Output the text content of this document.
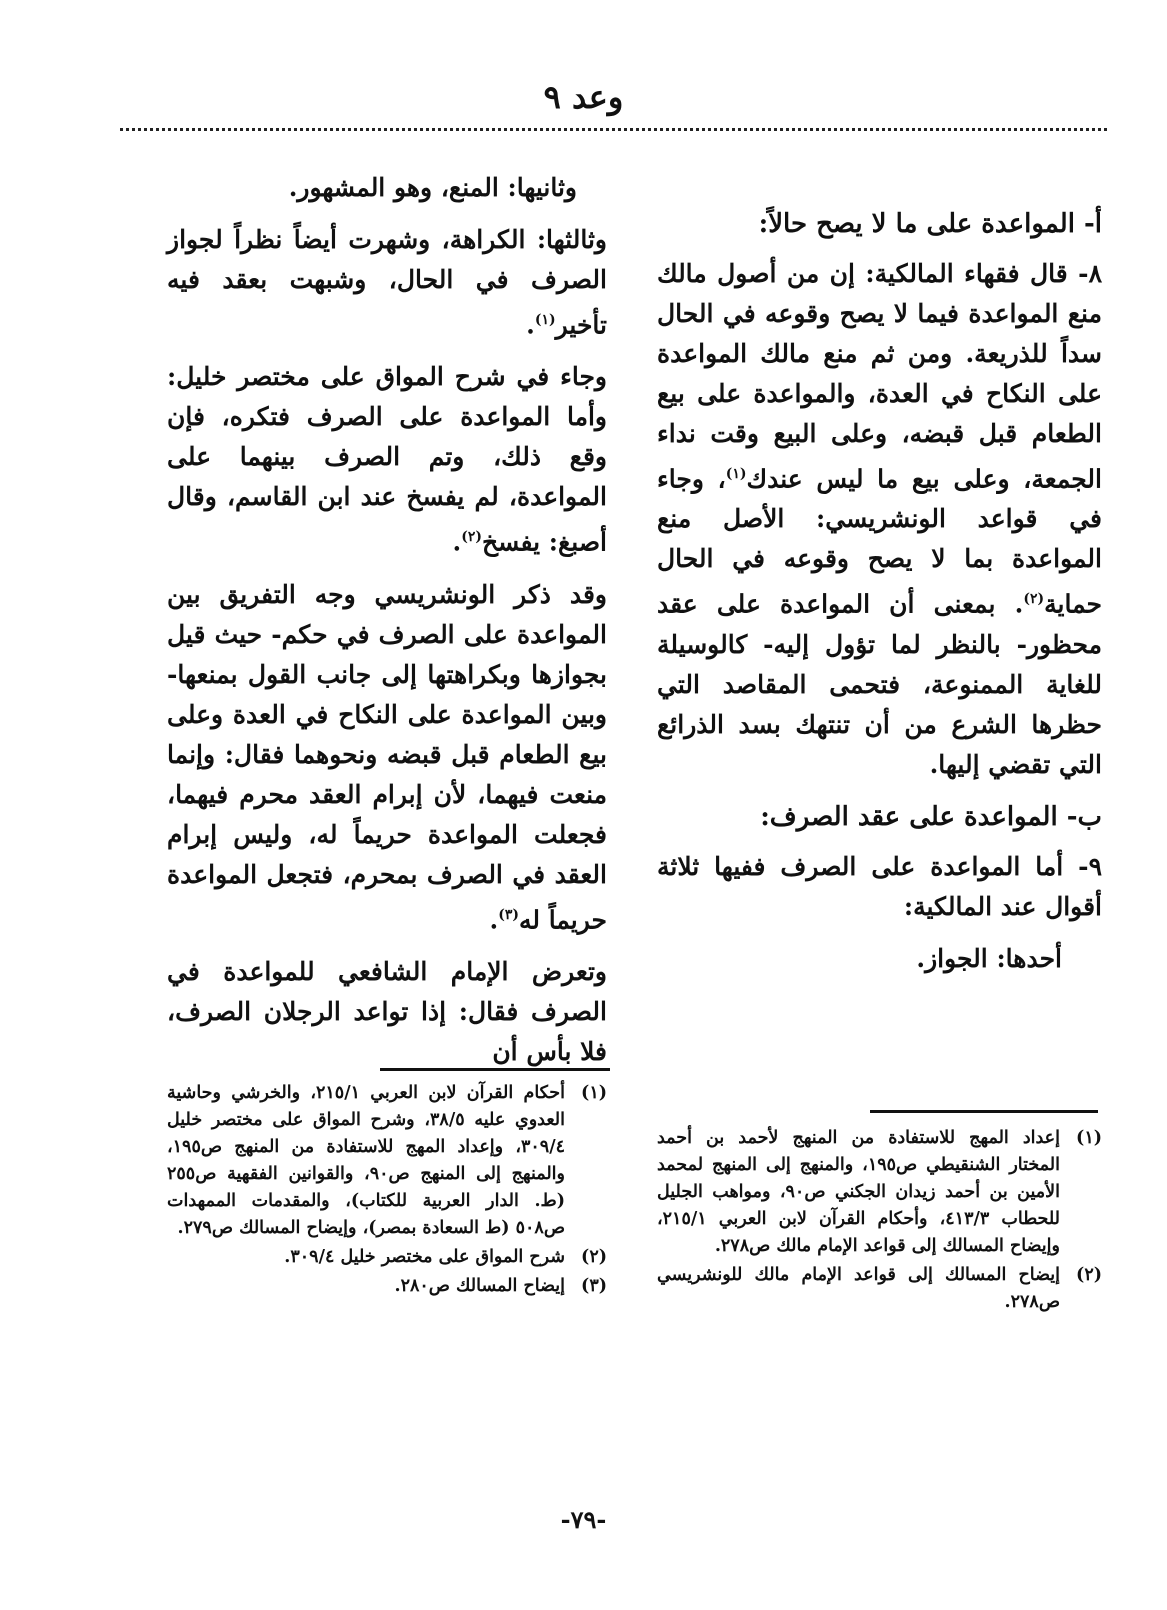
وعد ٩
أ- المواعدة على ما لا يصح حالاً:

٨- قال فقهاء المالكية: إن من أصول مالك منع المواعدة فيما لا يصح وقوعه في الحال سداً للذريعة. ومن ثم منع مالك المواعدة على النكاح في العدة، والمواعدة على بيع الطعام قبل قبضه، وعلى البيع وقت نداء الجمعة، وعلى بيع ما ليس عندك$^{(١)}$، وجاء في قواعد الونشريسي: الأصل منع المواعدة بما لا يصح وقوعه في الحال حماية$^{(٢)}$. بمعنى أن المواعدة على عقد محظور- بالنظر لما تؤول إليه- كالوسيلة للغاية الممنوعة، فتحمى المقاصد التي حظرها الشرع من أن تنتهك بسد الذرائع التي تقضي إليها.

ب- المواعدة على عقد الصرف:

٩- أما المواعدة على الصرف ففيها ثلاثة أقوال عند المالكية:

أحدها: الجواز.

وثانيها: المنع، وهو المشهور.

وثالثها: الكراهة، وشهرت أيضاً نظراً لجواز الصرف في الحال، وشبهت بعقد فيه تأخير$^{(١)}$.

وجاء في شرح المواق على مختصر خليل: وأما المواعدة على الصرف فتكره، فإن وقع ذلك، وتم الصرف بينهما على المواعدة، لم يفسخ عند ابن القاسم، وقال أصبغ: يفسخ$^{(٢)}$.

وقد ذكر الونشريسي وجه التفريق بين المواعدة على الصرف في حكم- حيث قيل بجوازها وبكراهتها إلى جانب القول بمنعها- وبين المواعدة على النكاح في العدة وعلى بيع الطعام قبل قبضه ونحوهما فقال: وإنما منعت فيهما، لأن إبرام العقد محرم فيهما، فجعلت المواعدة حريماً له، وليس إبرام العقد في الصرف بمحرم، فتجعل المواعدة حريماً له$^{(٣)}$.

وتعرض الإمام الشافعي للمواعدة في الصرف فقال: إذا تواعد الرجلان الصرف، فلا بأس أن

(١)
أحكام القرآن لابن العربي ٢١٥/١، والخرشي وحاشية العدوي عليه ٣٨/٥، وشرح المواق على مختصر خليل ٣٠٩/٤، وإعداد المهج للاستفادة من المنهج ص١٩٥، والمنهج إلى المنهج ص٩٠، والقوانين الفقهية ص٢٥٥ (ط. الدار العربية للكتاب)، والمقدمات الممهدات ص٥٠٨ (ط السعادة بمصر)، وإيضاح المسالك ص٢٧٩.
(٢)
شرح المواق على مختصر خليل ٣٠٩/٤.
(٣)
إيضاح المسالك ص٢٨٠.
(١)
إعداد المهج للاستفادة من المنهج لأحمد بن أحمد المختار الشنقيطي ص١٩٥، والمنهج إلى المنهج لمحمد الأمين بن أحمد زيدان الجكني ص٩٠، ومواهب الجليل للحطاب ٤١٣/٣، وأحكام القرآن لابن العربي ٢١٥/١، وإيضاح المسالك إلى قواعد الإمام مالك ص٢٧٨.
(٢)
إيضاح المسالك إلى قواعد الإمام مالك للونشريسي ص٢٧٨.
-٧٩-
